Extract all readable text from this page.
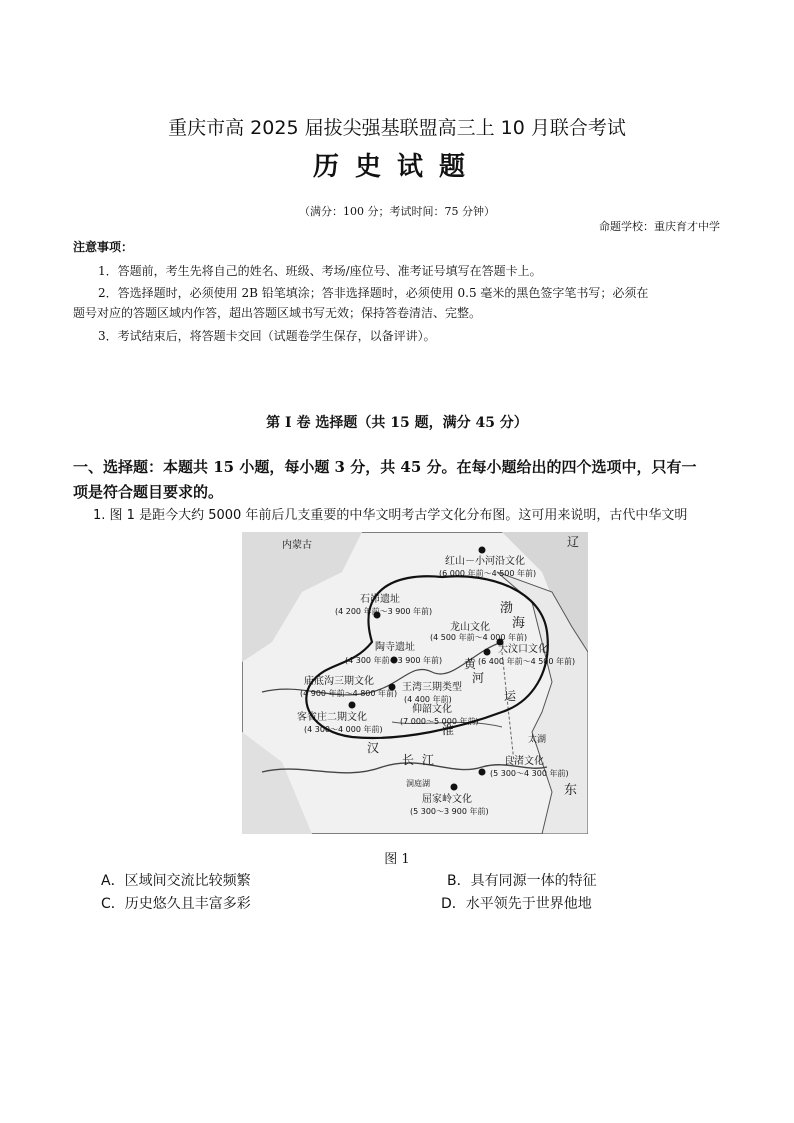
重庆市高 2025 届拔尖强基联盟高三上 10 月联合考试
历史试题
（满分：100 分；考试时间：75 分钟）
命题学校：重庆育才中学
注意事项：
1．答题前，考生先将自己的姓名、班级、考场/座位号、准考证号填写在答题卡上。
2．答选择题时，必须使用 2B 铅笔填涂；答非选择题时，必须使用 0.5 毫米的黑色签字笔书写；必须在
题号对应的答题区域内作答，超出答题区域书写无效；保持答卷清洁、完整。
3．考试结束后，将答题卡交回（试题卷学生保存，以备评讲）。
第 I 卷 选择题（共 15 题，满分 45 分）
一、选择题：本题共 15 小题，每小题 3 分，共 45 分。在每小题给出的四个选项中，只有一
项是符合题目要求的。
1. 图 1 是距今大约 5000 年前后几支重要的中华文明考古学文化分布图。这可用来说明，古代中华文明
红山－小河沿文化
(6 000 年前～4 500 年前)
石峁遗址
(4 200 年前～3 900 年前)
龙山文化
(4 500 年前～4 000 年前)
大汶口文化
(6 400 年前～4 500 年前)
陶寺遗址
(4 300 年前～3 900 年前)
庙底沟三期文化
(4 900 年前～4 800 年前)
王湾三期类型
(4 400 年前)
仰韶文化
(7 000～5 000 年前)
客省庄二期文化
(4 300～4 000 年前)
良渚文化
(5 300～4 300 年前)
屈家岭文化
(5 300～3 900 年前)
辽
渤
海
黄
河
运
淮
汉
江
长
太湖
东
洞庭湖
内蒙古
图 1
A．区域间交流比较频繁	B．具有同源一体的特征
C．历史悠久且丰富多彩	D．水平领先于世界他地
